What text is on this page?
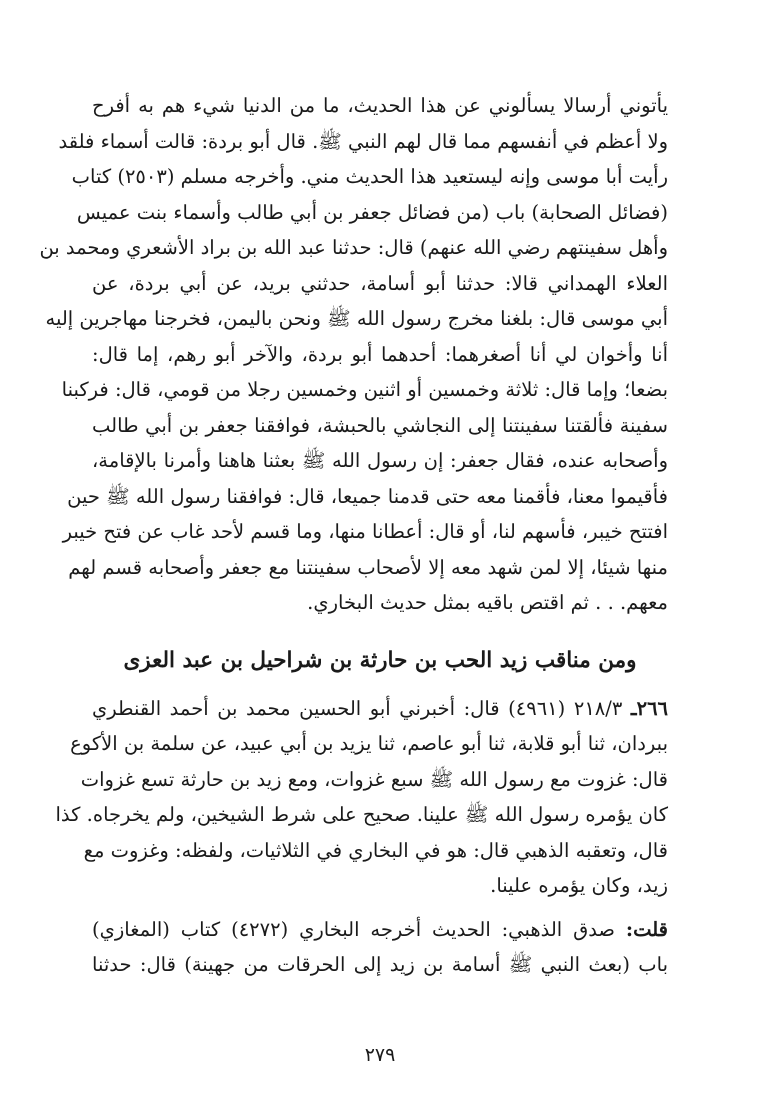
يأتوني أرسالا يسألوني عن هذا الحديث، ما من الدنيا شيء هم به أفرح
ولا أعظم في أنفسهم مما قال لهم النبي ﷺ. قال أبو بردة: قالت أسماء فلقد
رأيت أبا موسى وإنه ليستعيد هذا الحديث مني. وأخرجه مسلم (٢٥٠٣) كتاب
(فضائل الصحابة) باب (من فضائل جعفر بن أبي طالب وأسماء بنت عميس
وأهل سفينتهم رضي الله عنهم) قال: حدثنا عبد الله بن براد الأشعري ومحمد بن
العلاء الهمداني قالا: حدثنا أبو أسامة، حدثني بريد، عن أبي بردة، عن
أبي موسى قال: بلغنا مخرج رسول الله ﷺ ونحن باليمن، فخرجنا مهاجرين إليه
أنا وأخوان لي أنا أصغرهما: أحدهما أبو بردة، والآخر أبو رهم، إما قال:
بضعا؛ وإما قال: ثلاثة وخمسين أو اثنين وخمسين رجلا من قومي، قال: فركبنا
سفينة فألقتنا سفينتنا إلى النجاشي بالحبشة، فوافقنا جعفر بن أبي طالب
وأصحابه عنده، فقال جعفر: إن رسول الله ﷺ بعثنا هاهنا وأمرنا بالإقامة،
فأقيموا معنا، فأقمنا معه حتى قدمنا جميعا، قال: فوافقنا رسول الله ﷺ حين
افتتح خيبر، فأسهم لنا، أو قال: أعطانا منها، وما قسم لأحد غاب عن فتح خيبر
منها شيئا، إلا لمن شهد معه إلا لأصحاب سفينتنا مع جعفر وأصحابه قسم لهم
معهم. . . ثم اقتص باقيه بمثل حديث البخاري.
ومن مناقب زيد الحب بن حارثة بن شراحيل بن عبد العزى
٢٦٦ـ ٢١٨/٣ (٤٩٦١) قال: أخبرني أبو الحسين محمد بن أحمد القنطري
ببردان، ثنا أبو قلابة، ثنا أبو عاصم، ثنا يزيد بن أبي عبيد، عن سلمة بن الأكوع
قال: غزوت مع رسول الله ﷺ سبع غزوات، ومع زيد بن حارثة تسع غزوات
كان يؤمره رسول الله ﷺ علينا. صحيح على شرط الشيخين، ولم يخرجاه. كذا
قال، وتعقبه الذهبي قال: هو في البخاري في الثلاثيات، ولفظه: وغزوت مع
زيد، وكان يؤمره علينا.
قلت: صدق الذهبي: الحديث أخرجه البخاري (٤٢٧٢) كتاب (المغازي)
باب (بعث النبي ﷺ أسامة بن زيد إلى الحرقات من جهينة) قال: حدثنا
٢٧٩
